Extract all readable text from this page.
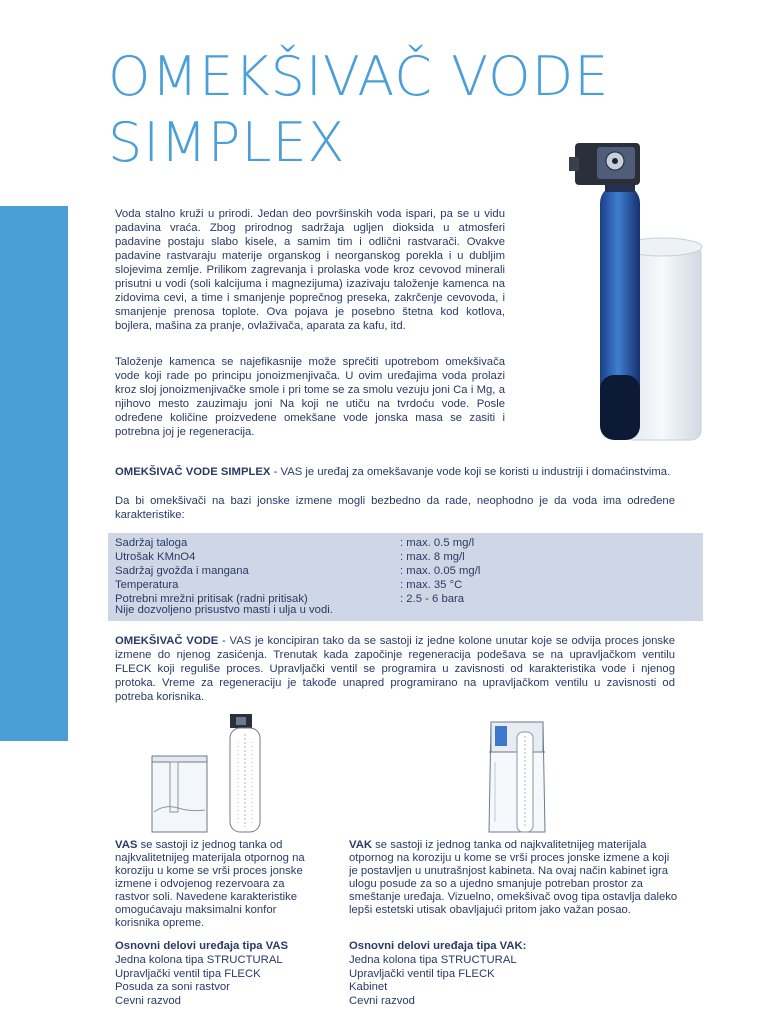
OMEKŠIVAČ VODE
SIMPLEX

Voda stalno kruži u prirodi. Jedan deo površinskih voda ispari, pa se u vidu padavina vraća. Zbog prirodnog sadržaja ugljen dioksida u atmosferi padavine postaju slabo kisele, a samim tim i odlični rastvarači. Ovakve padavine rastvaraju materije organskog i neorganskog porekla i u dubljim slojevima zemlje. Prilikom zagrevanja i prolaska vode kroz cevovod minerali prisutni u vodi (soli kalcijuma i magnezijuma) izazivaju taloženje kamenca na zidovima cevi, a time i smanjenje poprečnog preseka, zakrčenje cevovoda, i smanjenje prenosa toplote. Ova pojava je posebno štetna kod kotlova, bojlera, mašina za pranje, ovlaživača, aparata za kafu, itd.

Taloženje kamenca se najefikasnije može sprečiti upotrebom omekšivača vode koji rade po principu jonoizmenjivača. U ovim uređajima voda prolazi kroz sloj jonoizmenjivačke smole i pri tome se za smolu vezuju joni Ca i Mg, a njihovo mesto zauzimaju joni Na koji ne utiču na tvrdoću vode. Posle određene količine proizvedene omekšane vode jonska masa se zasiti i potrebna joj je regeneracija.

OMEKŠIVAČ VODE SIMPLEX - VAS je uređaj za omekšavanje vode koji se koristi u industriji i domaćinstvima.

Da bi omekšivači na bazi jonske izmene mogli bezbedno da rade, neophodno je da voda ima određene karakteristike:

Sadržaj taloga	: max. 0.5 mg/l
Utrošak KMnO4	: max. 8 mg/l
Sadržaj gvožđa i mangana	: max. 0.05 mg/l
Temperatura	: max. 35 °C
Potrebni mrežni pritisak (radni pritisak)	: 2.5 - 6 bara
Nije dozvoljeno prisustvo masti i ulja u vodi.

OMEKŠIVAČ VODE - VAS je koncipiran tako da se sastoji iz jedne kolone unutar koje se odvija proces jonske izmene do njenog zasićenja. Trenutak kada započinje regeneracija podešava se na upravljačkom ventilu FLECK koji reguliše proces. Upravljački ventil se programira u zavisnosti od karakteristika vode i njenog protoka. Vreme za regeneraciju je takođe unapred programirano na upravljačkom ventilu u zavisnosti od potreba korisnika.

VAS se sastoji iz jednog tanka od najkvalitetnijeg materijala otpornog na koroziju u kome se vrši proces jonske izmene i odvojenog rezervoara za rastvor soli. Navedene karakteristike omogućavaju maksimalni konfor korisnika opreme.

VAK se sastoji iz jednog tanka od najkvalitetnijeg materijala otpornog na koroziju u kome se vrši proces jonske izmene a koji je postavljen u unutrašnjost kabineta. Na ovaj način kabinet igra ulogu posude za so a ujedno smanjuje potreban prostor za smeštanje uređaja. Vizuelno, omekšivač ovog tipa ostavlja daleko lepši estetski utisak obavljajući pritom jako važan posao.

Osnovni delovi uređaja tipa VAS	Osnovni delovi uređaja tipa VAK:
Jedna kolona tipa STRUCTURAL
Upravljački ventil tipa FLECK
Posuda za soni rastvor
Cevni razvod
Jedna kolona tipa STRUCTURAL
Upravljački ventil tipa FLECK
Kabinet
Cevni razvod
